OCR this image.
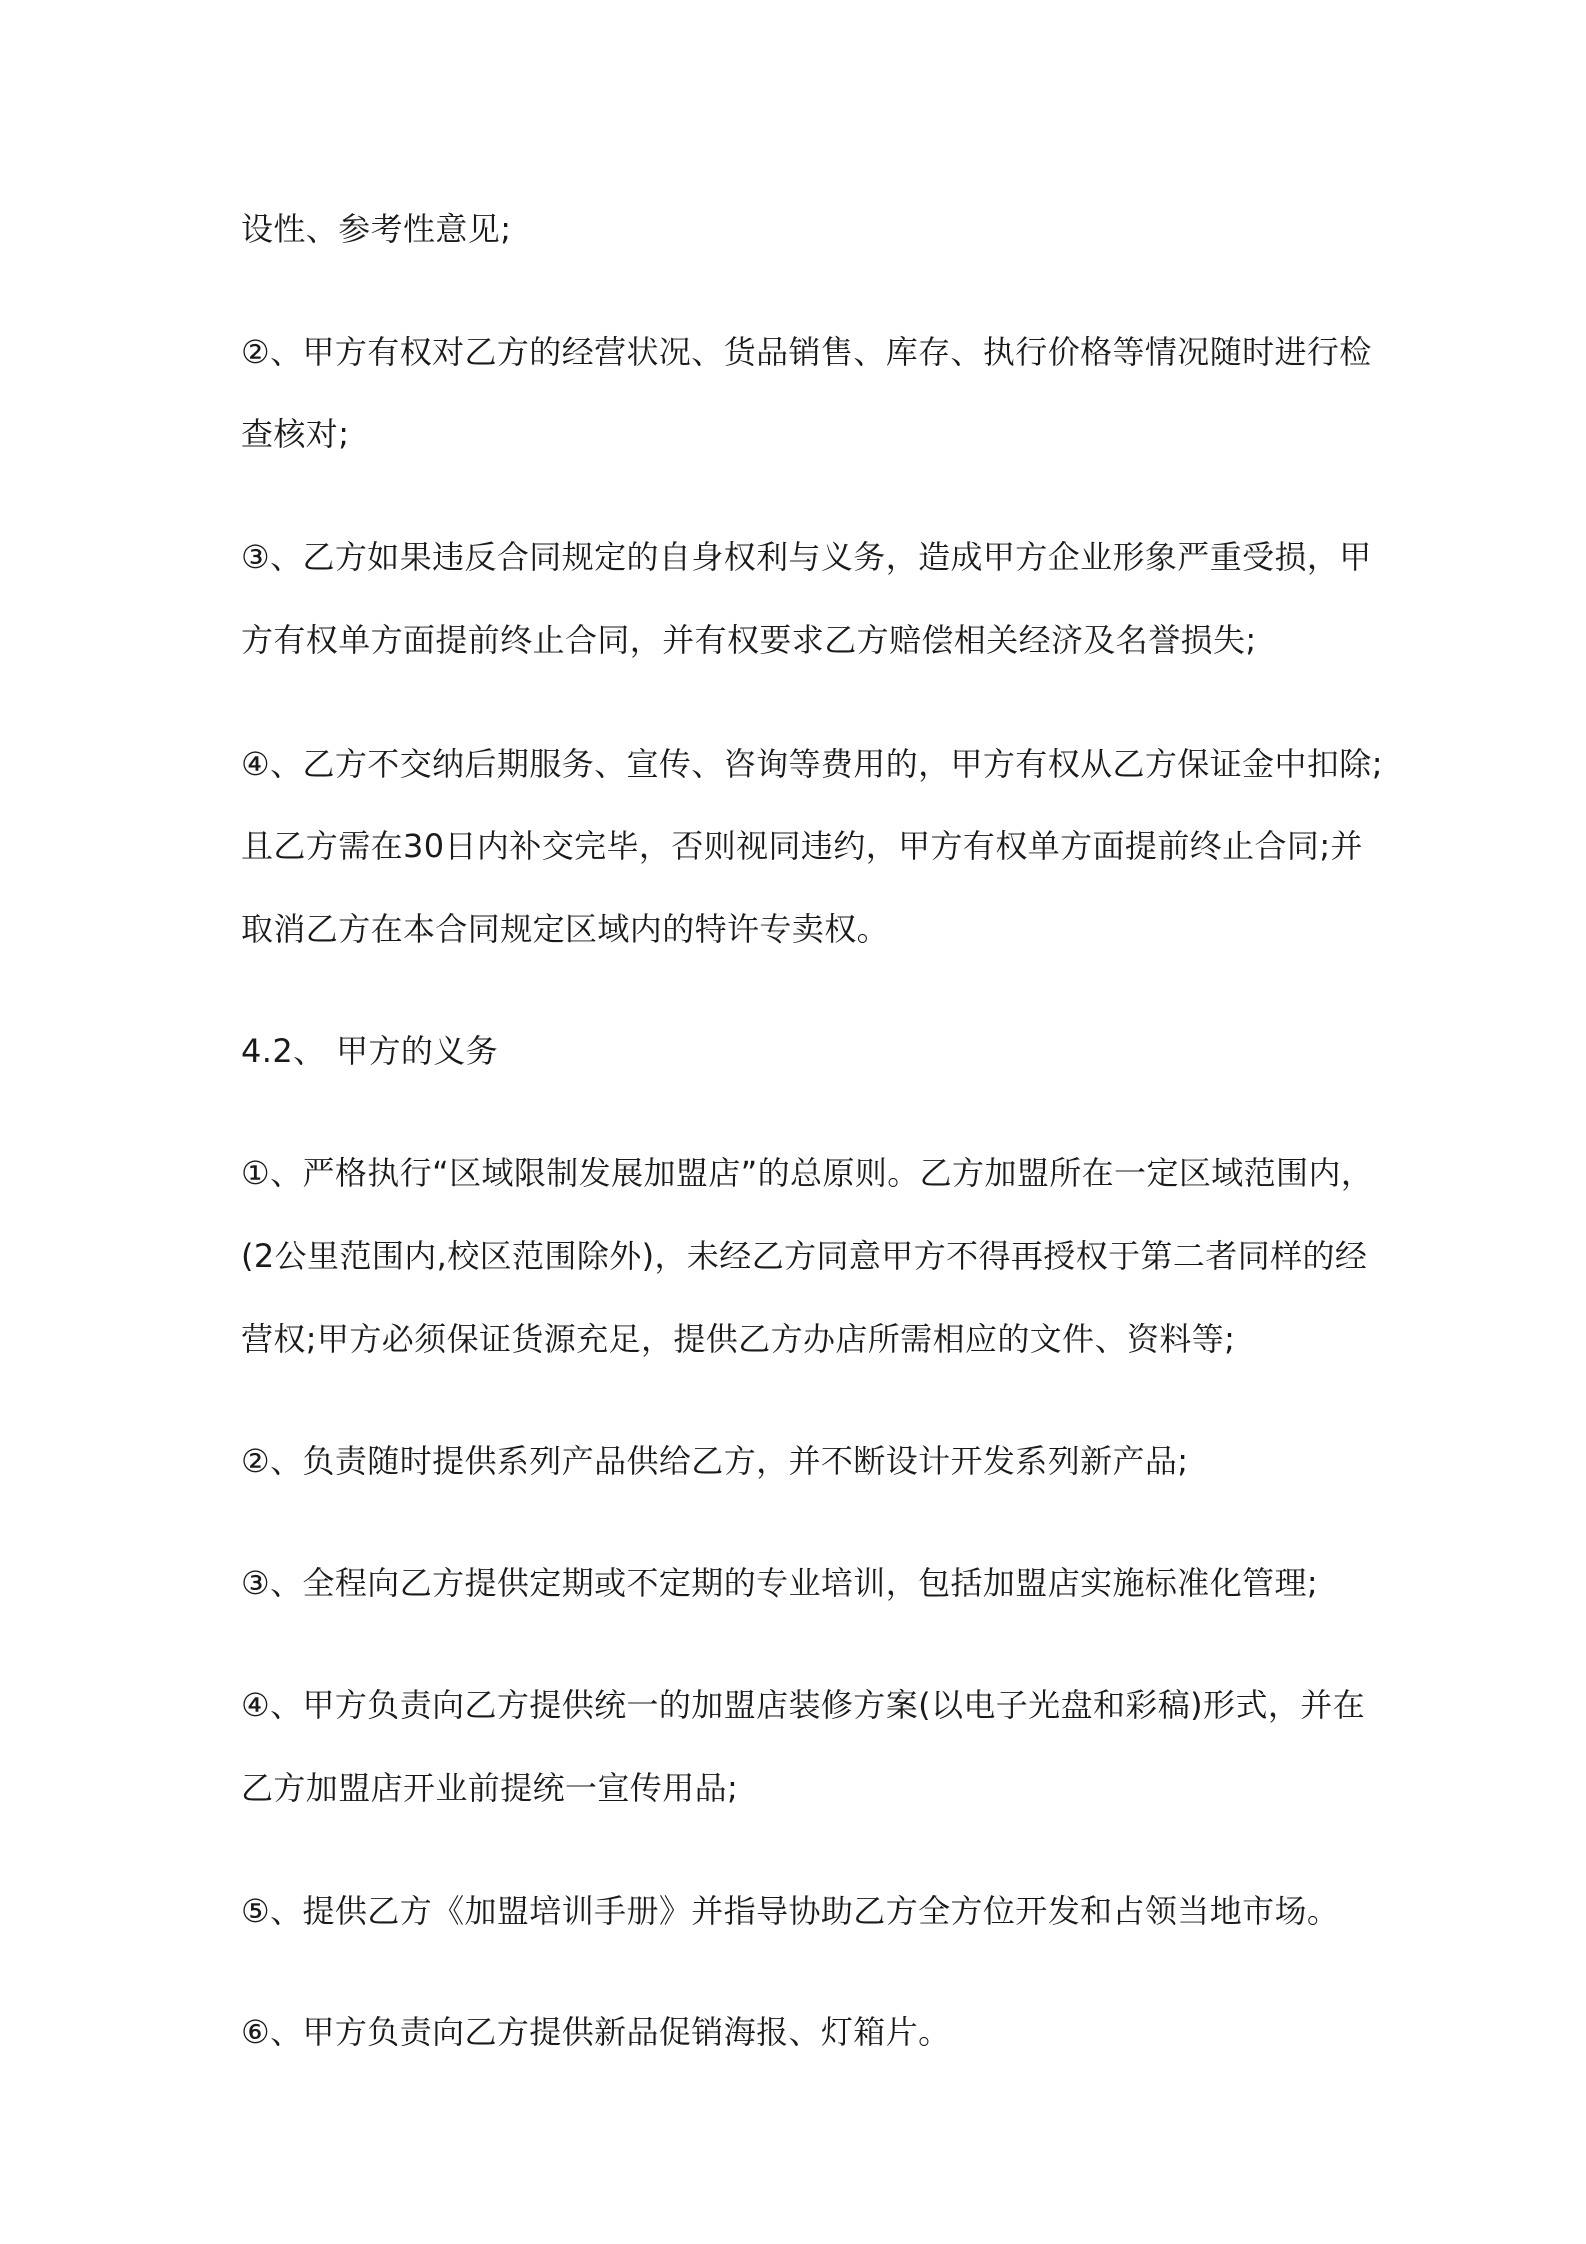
设性、参考性意见;
②、甲方有权对乙方的经营状况、货品销售、库存、执行价格等情况随时进行检
查核对;
③、乙方如果违反合同规定的自身权利与义务，造成甲方企业形象严重受损，甲
方有权单方面提前终止合同，并有权要求乙方赔偿相关经济及名誉损失;
④、乙方不交纳后期服务、宣传、咨询等费用的，甲方有权从乙方保证金中扣除;
且乙方需在30日内补交完毕，否则视同违约，甲方有权单方面提前终止合同;并
取消乙方在本合同规定区域内的特许专卖权。
4.2、 甲方的义务
①、严格执行“区域限制发展加盟店”的总原则。乙方加盟所在一定区域范围内，
(2公里范围内,校区范围除外)，未经乙方同意甲方不得再授权于第二者同样的经
营权;甲方必须保证货源充足，提供乙方办店所需相应的文件、资料等;
②、负责随时提供系列产品供给乙方，并不断设计开发系列新产品;
③、全程向乙方提供定期或不定期的专业培训，包括加盟店实施标准化管理;
④、甲方负责向乙方提供统一的加盟店装修方案(以电子光盘和彩稿)形式，并在
乙方加盟店开业前提统一宣传用品;
⑤、提供乙方《加盟培训手册》并指导协助乙方全方位开发和占领当地市场。
⑥、甲方负责向乙方提供新品促销海报、灯箱片。
